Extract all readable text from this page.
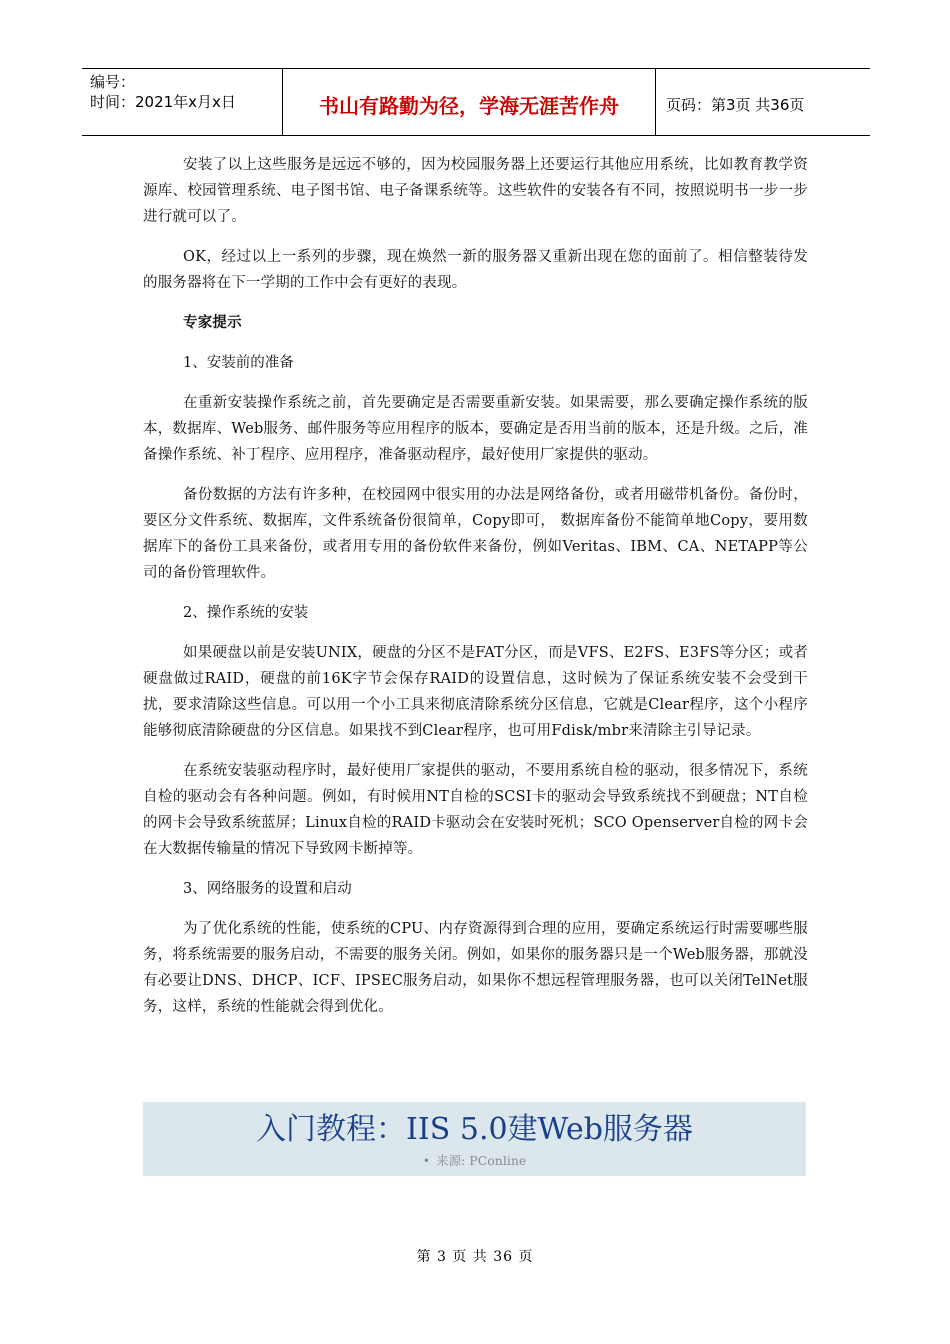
编号：
时间：2021年x月x日	书山有路勤为径，学海无涯苦作舟	页码：第3页 共36页

安装了以上这些服务是远远不够的，因为校园服务器上还要运行其他应用系统，比如教育教学资源库、校园管理系统、电子图书馆、电子备课系统等。这些软件的安装各有不同，按照说明书一步一步进行就可以了。

OK，经过以上一系列的步骤，现在焕然一新的服务器又重新出现在您的面前了。相信整装待发的服务器将在下一学期的工作中会有更好的表现。

专家提示

1、安装前的准备

在重新安装操作系统之前，首先要确定是否需要重新安装。如果需要，那么要确定操作系统的版本，数据库、Web服务、邮件服务等应用程序的版本，要确定是否用当前的版本，还是升级。之后，准备操作系统、补丁程序、应用程序，准备驱动程序，最好使用厂家提供的驱动。

备份数据的方法有许多种，在校园网中很实用的办法是网络备份，或者用磁带机备份。备份时，要区分文件系统、数据库，文件系统备份很简单，Copy即可， 数据库备份不能简单地Copy，要用数据库下的备份工具来备份，或者用专用的备份软件来备份，例如Veritas、IBM、CA、NETAPP等公司的备份管理软件。

2、操作系统的安装

如果硬盘以前是安装UNIX，硬盘的分区不是FAT分区，而是VFS、E2FS、E3FS等分区；或者硬盘做过RAID，硬盘的前16K字节会保存RAID的设置信息，这时候为了保证系统安装不会受到干扰，要求清除这些信息。可以用一个小工具来彻底清除系统分区信息，它就是Clear程序，这个小程序能够彻底清除硬盘的分区信息。如果找不到Clear程序，也可用Fdisk/mbr来清除主引导记录。

在系统安装驱动程序时，最好使用厂家提供的驱动，不要用系统自检的驱动，很多情况下，系统自检的驱动会有各种问题。例如，有时候用NT自检的SCSI卡的驱动会导致系统找不到硬盘；NT自检的网卡会导致系统蓝屏；Linux自检的RAID卡驱动会在安装时死机；SCO Openserver自检的网卡会在大数据传输量的情况下导致网卡断掉等。

3、网络服务的设置和启动

为了优化系统的性能，使系统的CPU、内存资源得到合理的应用，要确定系统运行时需要哪些服务，将系统需要的服务启动，不需要的服务关闭。例如，如果你的服务器只是一个Web服务器，那就没有必要让DNS、DHCP、ICF、IPSEC服务启动，如果你不想远程管理服务器，也可以关闭TelNet服务，这样，系统的性能就会得到优化。

入门教程：IIS 5.0建Web服务器
• 来源: PConline
第 3 页 共 36 页
